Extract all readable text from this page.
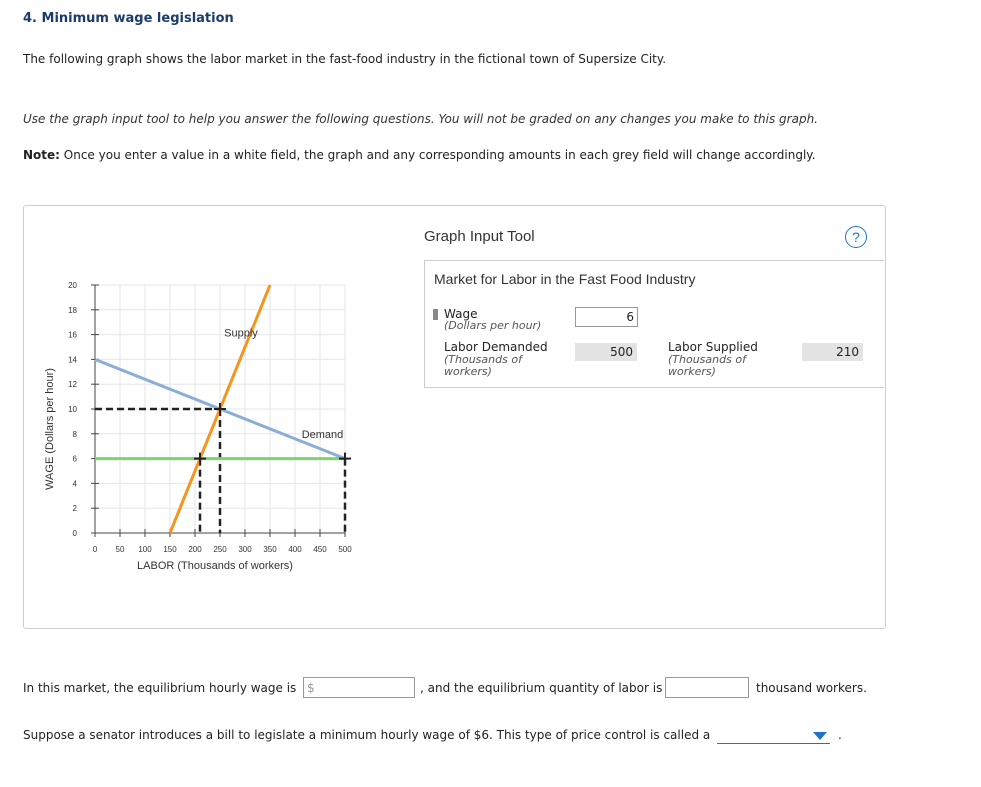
4. Minimum wage legislation
The following graph shows the labor market in the fast-food industry in the fictional town of Supersize City.
Use the graph input tool to help you answer the following questions. You will not be graded on any changes you make to this graph.
Note: Once you enter a value in a white field, the graph and any corresponding amounts in each grey field will change accordingly.
0
2
4
6
8
10
12
14
16
18
20
0 50 100 150 200 250 300 350 400 450 500
LABOR (Thousands of workers)
WAGE (Dollars per hour)
Supply
Demand
Graph Input Tool	?
Market for Labor in the Fast Food Industry
Wage
(Dollars per hour)
6
Labor Demanded
(Thousands of
workers)
500	Labor Supplied
(Thousands of
workers)
210
In this market, the equilibrium hourly wage is $	, and the equilibrium quantity of labor is	thousand workers.
Suppose a senator introduces a bill to legislate a minimum hourly wage of $6. This type of price control is called a	.
